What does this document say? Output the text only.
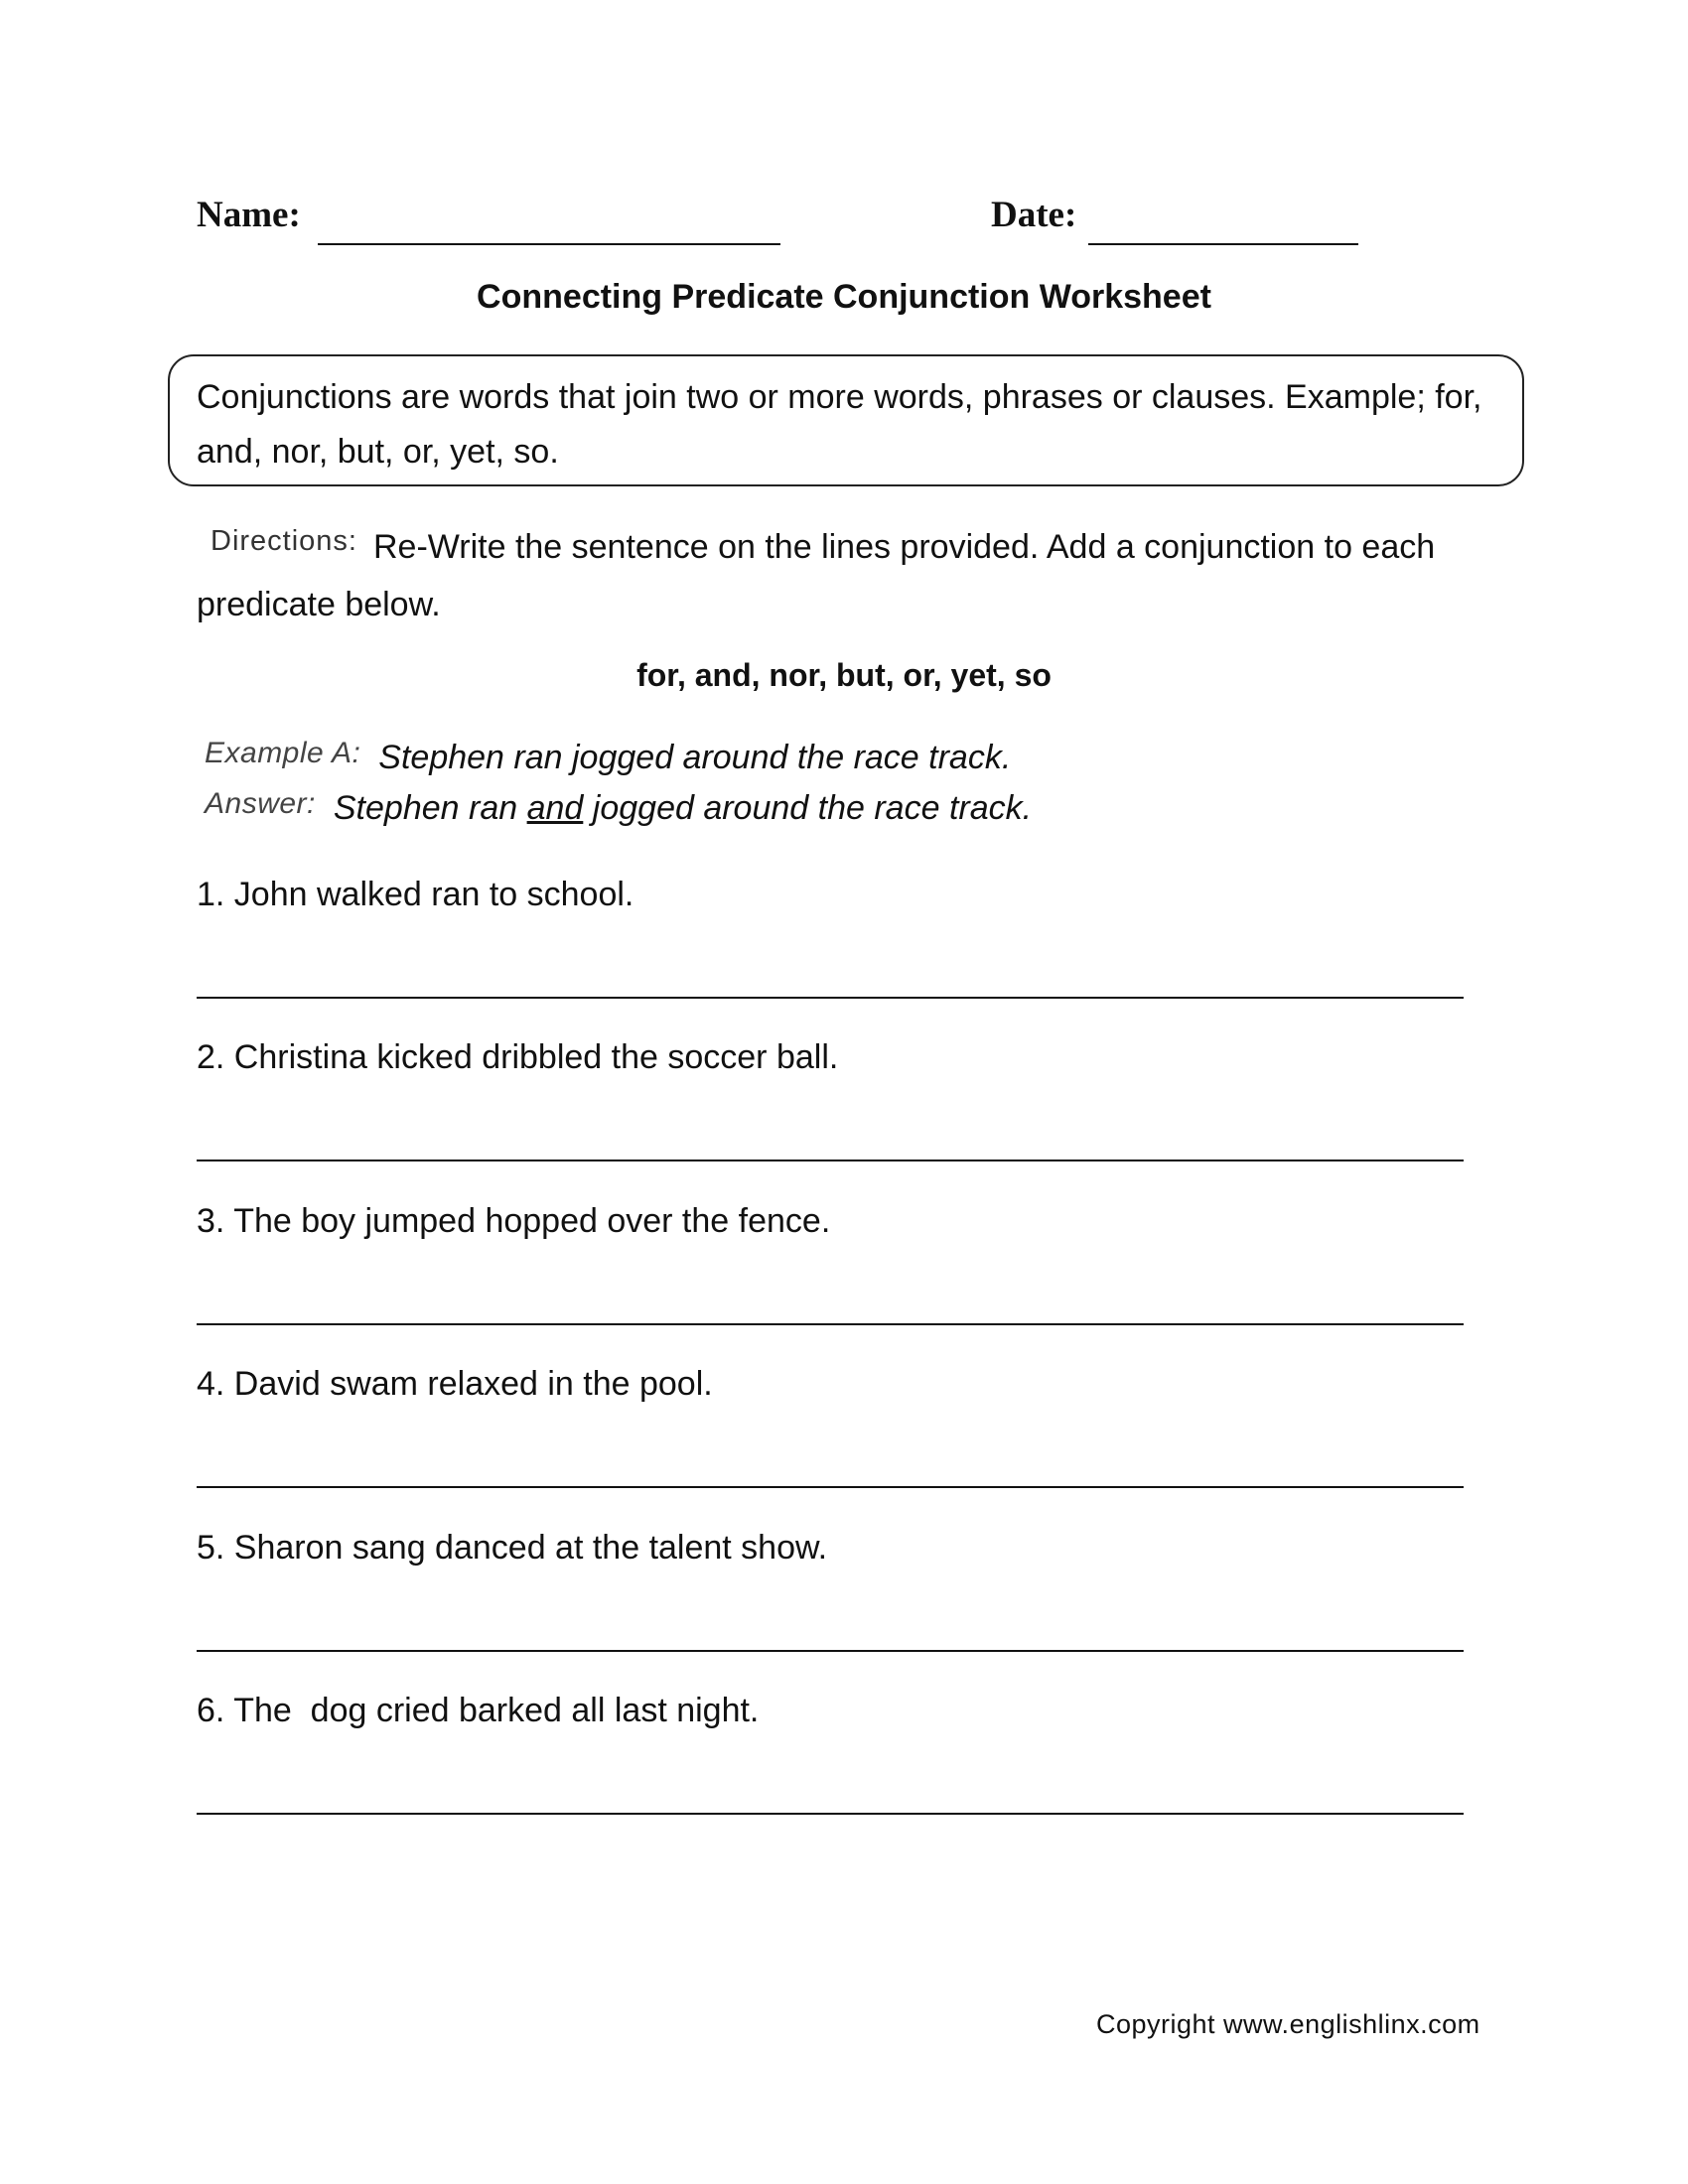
Name:	Date:
Connecting Predicate Conjunction Worksheet
Conjunctions are words that join two or more words, phrases or clauses. Example; for, and, nor, but, or, yet, so.
Directions: Re-Write the sentence on the lines provided. Add a conjunction to each predicate below.
for, and, nor, but, or, yet, so
Example A: Stephen ran jogged around the race track.
Answer: Stephen ran and jogged around the race track.
1. John walked ran to school.
2. Christina kicked dribbled the soccer ball.
3. The boy jumped hopped over the fence.
4. David swam relaxed in the pool.
5. Sharon sang danced at the talent show.
6. The  dog cried barked all last night.
Copyright www.englishlinx.com
